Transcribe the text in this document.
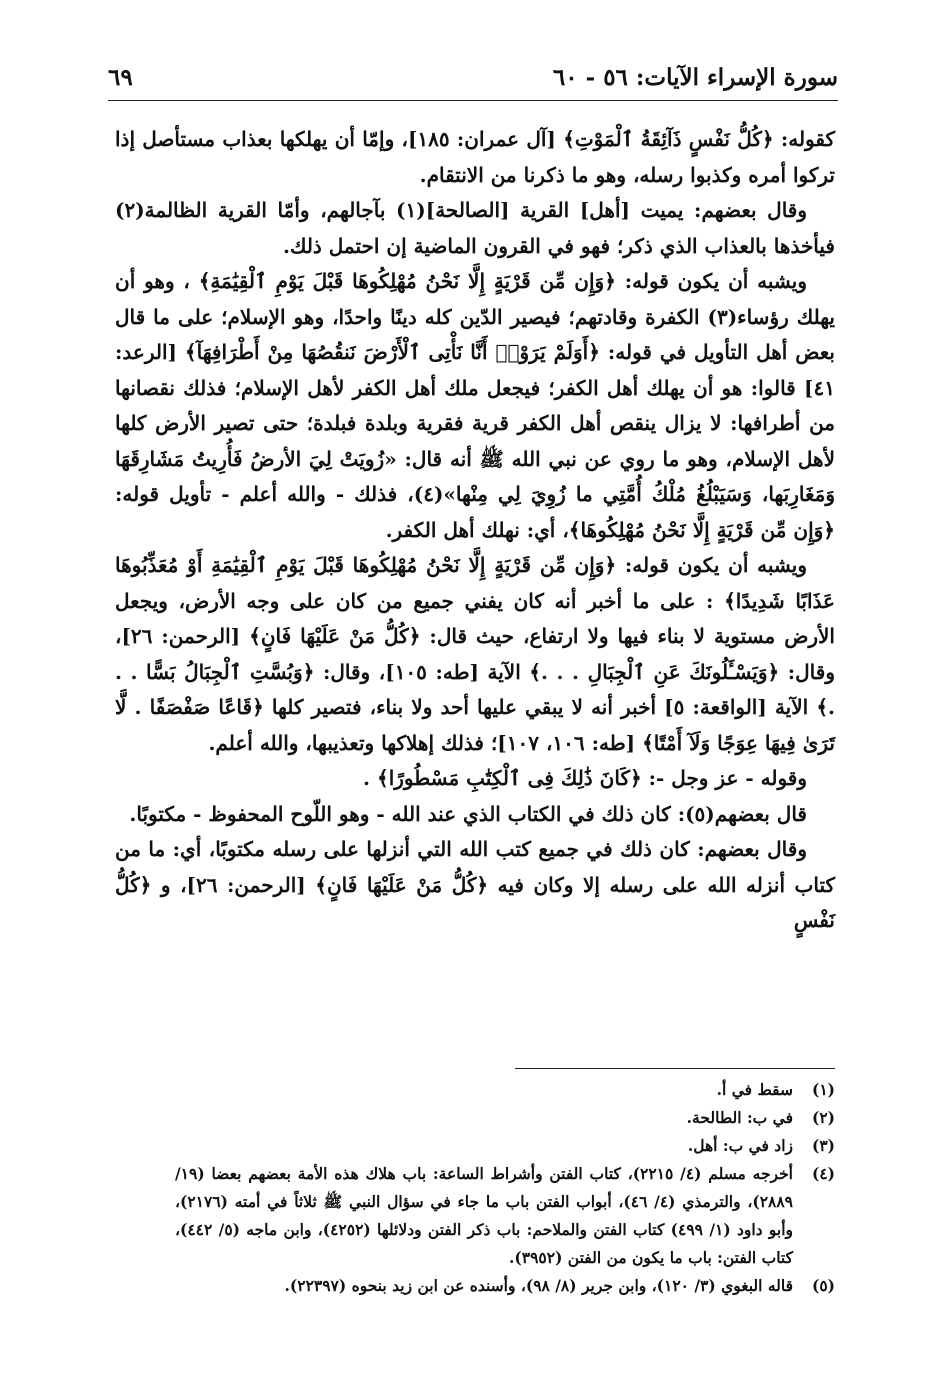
سورة الإسراء الآيات: ٥٦ - ٦٠
٦٩

كقوله: ﴿كُلُّ نَفْسٍ ذَآئِقَةُ ٱلْمَوْتِ﴾ [آل عمران: ١٨٥]، وإمّا أن يهلكها بعذاب مستأصل إذا تركوا أمره وكذبوا رسله، وهو ما ذكرنا من الانتقام.

وقال بعضهم: يميت [أهل] القرية [الصالحة](١) بآجالهم، وأمّا القرية الظالمة(٢) فيأخذها بالعذاب الذي ذكر؛ فهو في القرون الماضية إن احتمل ذلك.

ويشبه أن يكون قوله: ﴿وَإِن مِّن قَرْيَةٍ إِلَّا نَحْنُ مُهْلِكُوهَا قَبْلَ يَوْمِ ٱلْقِيَٰمَةِ﴾ ، وهو أن يهلك رؤساء(٣) الكفرة وقادتهم؛ فيصير الدّين كله دينًا واحدًا، وهو الإسلام؛ على ما قال بعض أهل التأويل في قوله: ﴿أَوَلَمْ يَرَوْا۟ أَنَّا نَأْتِى ٱلْأَرْضَ نَنقُصُهَا مِنْ أَطْرَافِهَآ﴾ [الرعد: ٤١] قالوا: هو أن يهلك أهل الكفر؛ فيجعل ملك أهل الكفر لأهل الإسلام؛ فذلك نقصانها من أطرافها: لا يزال ينقص أهل الكفر قرية فقرية وبلدة فبلدة؛ حتى تصير الأرض كلها لأهل الإسلام، وهو ما روي عن نبي الله ﷺ أنه قال: «زُويَتْ لِيَ الأرضُ فَأُرِيتُ مَشَارِقَهَا وَمَغَارِبَها، وَسَيَبْلُغُ مُلْكُ أُمَّتِي ما زُوِيَ لِي مِنْها»(٤)، فذلك - والله أعلم - تأويل قوله: ﴿وَإِن مِّن قَرْيَةٍ إِلَّا نَحْنُ مُهْلِكُوهَا﴾، أي: نهلك أهل الكفر.

ويشبه أن يكون قوله: ﴿وَإِن مِّن قَرْيَةٍ إِلَّا نَحْنُ مُهْلِكُوهَا قَبْلَ يَوْمِ ٱلْقِيَٰمَةِ أَوْ مُعَذِّبُوهَا عَذَابًا شَدِيدًا﴾ : على ما أخبر أنه كان يفني جميع من كان على وجه الأرض، ويجعل الأرض مستوية لا بناء فيها ولا ارتفاع، حيث قال: ﴿كُلُّ مَنْ عَلَيْهَا فَانٍ﴾ [الرحمن: ٢٦]، وقال: ﴿وَيَسْـَٔلُونَكَ عَنِ ٱلْجِبَالِ . . .﴾ الآية [طه: ١٠٥]، وقال: ﴿وَبُسَّتِ ٱلْجِبَالُ بَسًّا . . .﴾ الآية [الواقعة: ٥] أخبر أنه لا يبقي عليها أحد ولا بناء، فتصير كلها ﴿قَاعًا صَفْصَفًا . لَّا تَرَىٰ فِيهَا عِوَجًا وَلَآ أَمْتًا﴾ [طه: ١٠٦، ١٠٧]؛ فذلك إهلاكها وتعذيبها، والله أعلم.

وقوله - عز وجل -: ﴿كَانَ ذَٰلِكَ فِى ٱلْكِتَٰبِ مَسْطُورًا﴾ .

قال بعضهم(٥): كان ذلك في الكتاب الذي عند الله - وهو اللّوح المحفوظ - مكتوبًا.

وقال بعضهم: كان ذلك في جميع كتب الله التي أنزلها على رسله مكتوبًا، أي: ما من كتاب أنزله الله على رسله إلا وكان فيه ﴿كُلُّ مَنْ عَلَيْهَا فَانٍ﴾ [الرحمن: ٢٦]، و ﴿كُلُّ نَفْسٍ

(١)
سقط في أ.
(٢)
في ب: الطالحة.
(٣)
زاد في ب: أهل.
(٤)
أخرجه مسلم (٤/ ٢٢١٥)، كتاب الفتن وأشراط الساعة: باب هلاك هذه الأمة بعضهم بعضا (١٩/ ٢٨٨٩)، والترمذي (٤/ ٤٦)، أبواب الفتن باب ما جاء في سؤال النبي ﷺ ثلاثاً في أمته (٢١٧٦)، وأبو داود (١/ ٤٩٩) كتاب الفتن والملاحم: باب ذكر الفتن ودلائلها (٤٢٥٢)، وابن ماجه (٥/ ٤٤٢)، كتاب الفتن: باب ما يكون من الفتن (٣٩٥٢).
(٥)
قاله البغوي (٣/ ١٢٠)، وابن جرير (٨/ ٩٨)، وأسنده عن ابن زيد بنحوه (٢٢٣٩٧).
